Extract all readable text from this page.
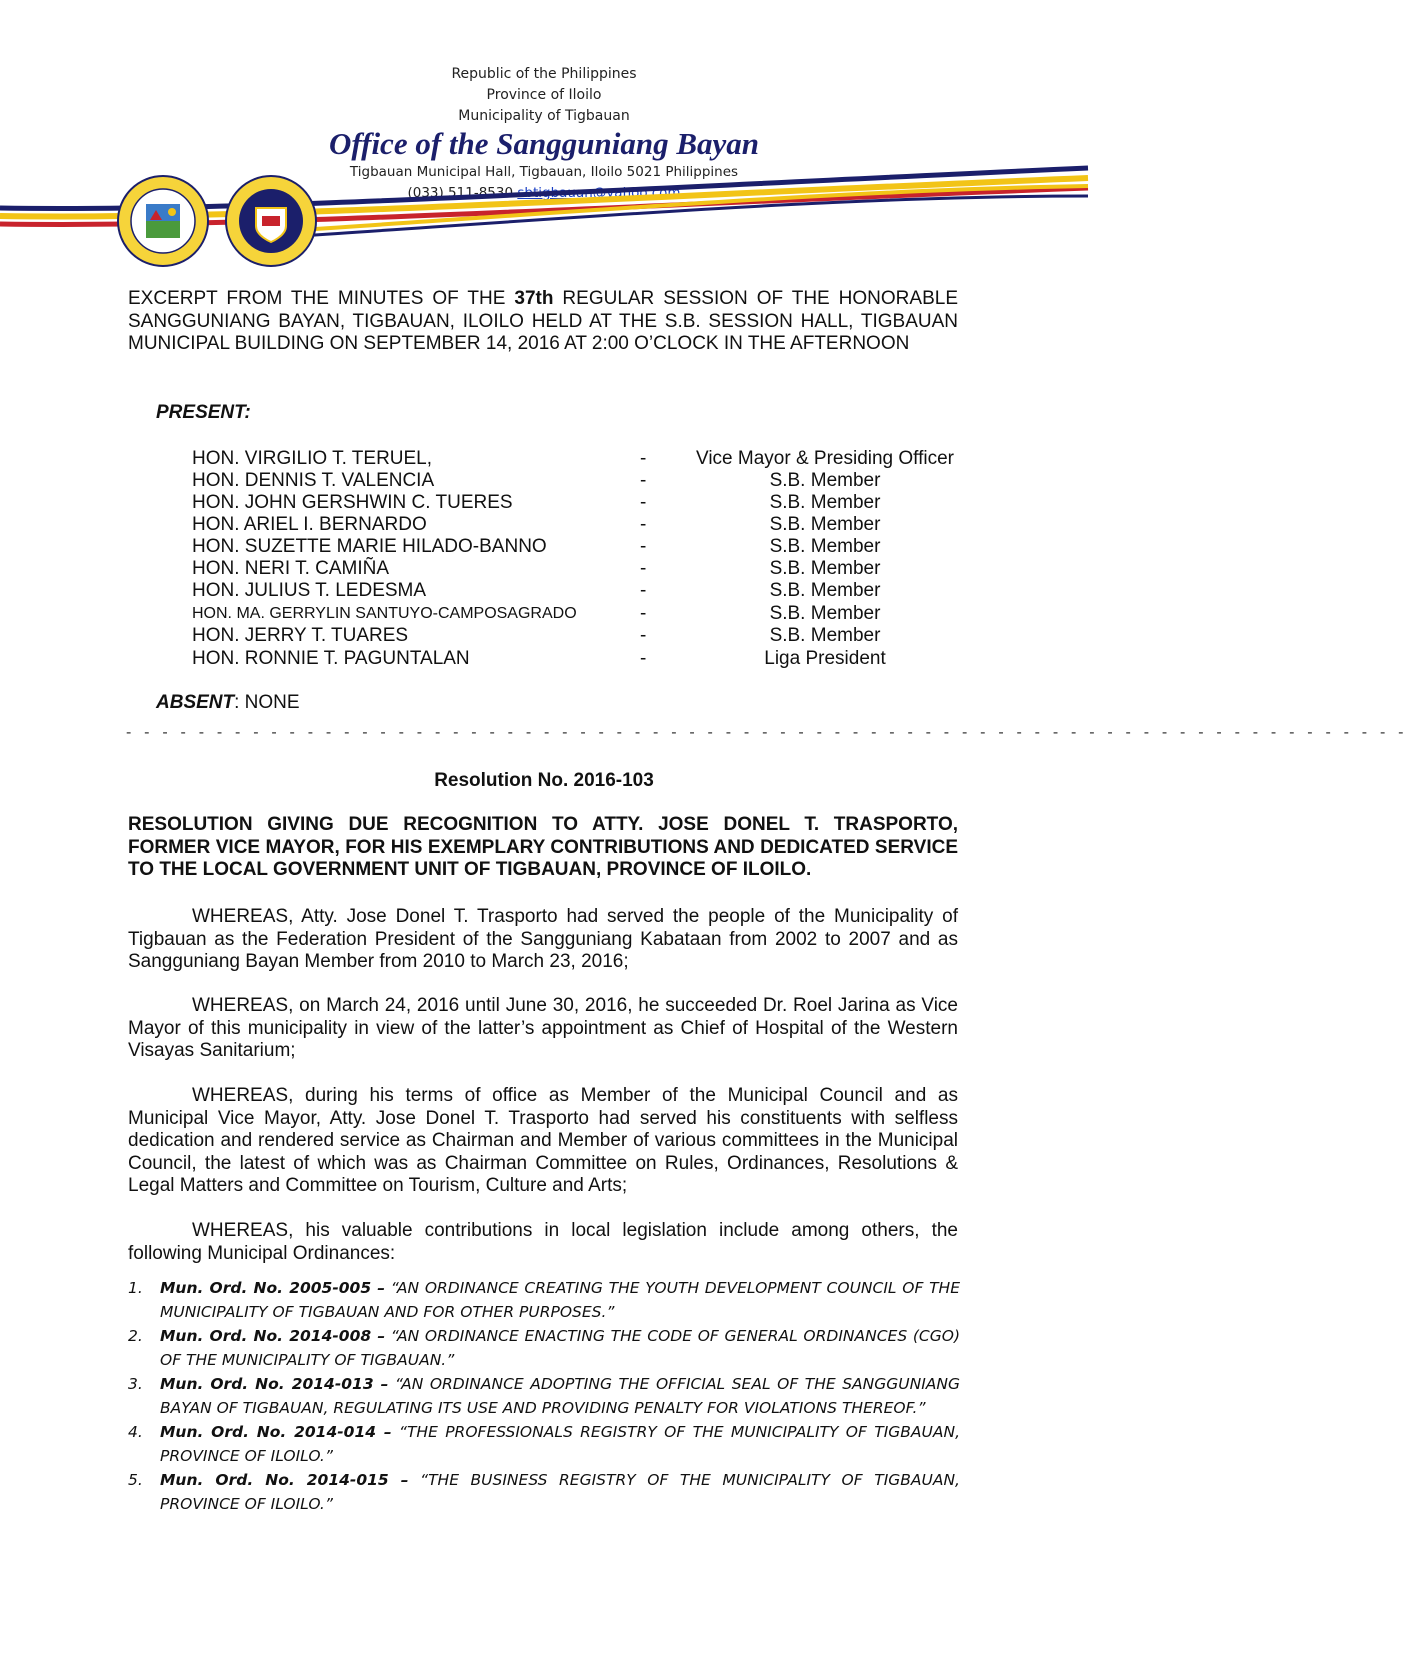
Republic of the Philippines
Province of Iloilo
Municipality of Tigbauan
Office of the Sangguniang Bayan
Tigbauan Municipal Hall, Tigbauan, Iloilo 5021 Philippines
(033) 511-8530 sbtigbauan@yahoo.com
EXCERPT FROM THE MINUTES OF THE 37th REGULAR SESSION OF THE HONORABLE SANGGUNIANG BAYAN, TIGBAUAN, ILOILO HELD AT THE S.B. SESSION HALL, TIGBAUAN MUNICIPAL BUILDING ON SEPTEMBER 14, 2016 AT 2:00 O’CLOCK IN THE AFTERNOON
PRESENT:
HON. VIRGILIO T. TERUEL,	-	Vice Mayor & Presiding Officer
HON. DENNIS T. VALENCIA	-	S.B. Member
HON. JOHN GERSHWIN C. TUERES	-	S.B. Member
HON. ARIEL I. BERNARDO	-	S.B. Member
HON. SUZETTE MARIE HILADO-BANNO	-	S.B. Member
HON. NERI T. CAMIÑA	-	S.B. Member
HON. JULIUS T. LEDESMA	-	S.B. Member
HON. MA. GERRYLIN SANTUYO-CAMPOSAGRADO	-	S.B. Member
HON. JERRY T. TUARES	-	S.B. Member
HON. RONNIE T. PAGUNTALAN	-	Liga President
ABSENT: NONE
- - - - - - - - - - - - - - - - - - - - - - - - - - - - - - - - - - - - - - - - - - - - - - - - - - - - - - - - - - - - - - - - - - - - - - -
Resolution No. 2016-103
RESOLUTION GIVING DUE RECOGNITION TO ATTY. JOSE DONEL T. TRASPORTO, FORMER VICE MAYOR, FOR HIS EXEMPLARY CONTRIBUTIONS AND DEDICATED SERVICE TO THE LOCAL GOVERNMENT UNIT OF TIGBAUAN, PROVINCE OF ILOILO.
WHEREAS, Atty. Jose Donel T. Trasporto had served the people of the Municipality of Tigbauan as the Federation President of the Sangguniang Kabataan from 2002 to 2007 and as Sangguniang Bayan Member from 2010 to March 23, 2016;
WHEREAS, on March 24, 2016 until June 30, 2016, he succeeded Dr. Roel Jarina as Vice Mayor of this municipality in view of the latter’s appointment as Chief of Hospital of the Western Visayas Sanitarium;
WHEREAS, during his terms of office as Member of the Municipal Council and as Municipal Vice Mayor, Atty. Jose Donel T. Trasporto had served his constituents with selfless dedication and rendered service as Chairman and Member of various committees in the Municipal Council, the latest of which was as Chairman Committee on Rules, Ordinances, Resolutions & Legal Matters and Committee on Tourism, Culture and Arts;
WHEREAS, his valuable contributions in local legislation include among others, the following Municipal Ordinances:
1. Mun. Ord. No. 2005-005 – “AN ORDINANCE CREATING THE YOUTH DEVELOPMENT COUNCIL OF THE MUNICIPALITY OF TIGBAUAN AND FOR OTHER PURPOSES.”
2. Mun. Ord. No. 2014-008 – “AN ORDINANCE ENACTING THE CODE OF GENERAL ORDINANCES (CGO) OF THE MUNICIPALITY OF TIGBAUAN.”
3. Mun. Ord. No. 2014-013 – “AN ORDINANCE ADOPTING THE OFFICIAL SEAL OF THE SANGGUNIANG BAYAN OF TIGBAUAN, REGULATING ITS USE AND PROVIDING PENALTY FOR VIOLATIONS THEREOF.”
4. Mun. Ord. No. 2014-014 – “THE PROFESSIONALS REGISTRY OF THE MUNICIPALITY OF TIGBAUAN, PROVINCE OF ILOILO.”
5. Mun. Ord. No. 2014-015 – “THE BUSINESS REGISTRY OF THE MUNICIPALITY OF TIGBAUAN, PROVINCE OF ILOILO.”
